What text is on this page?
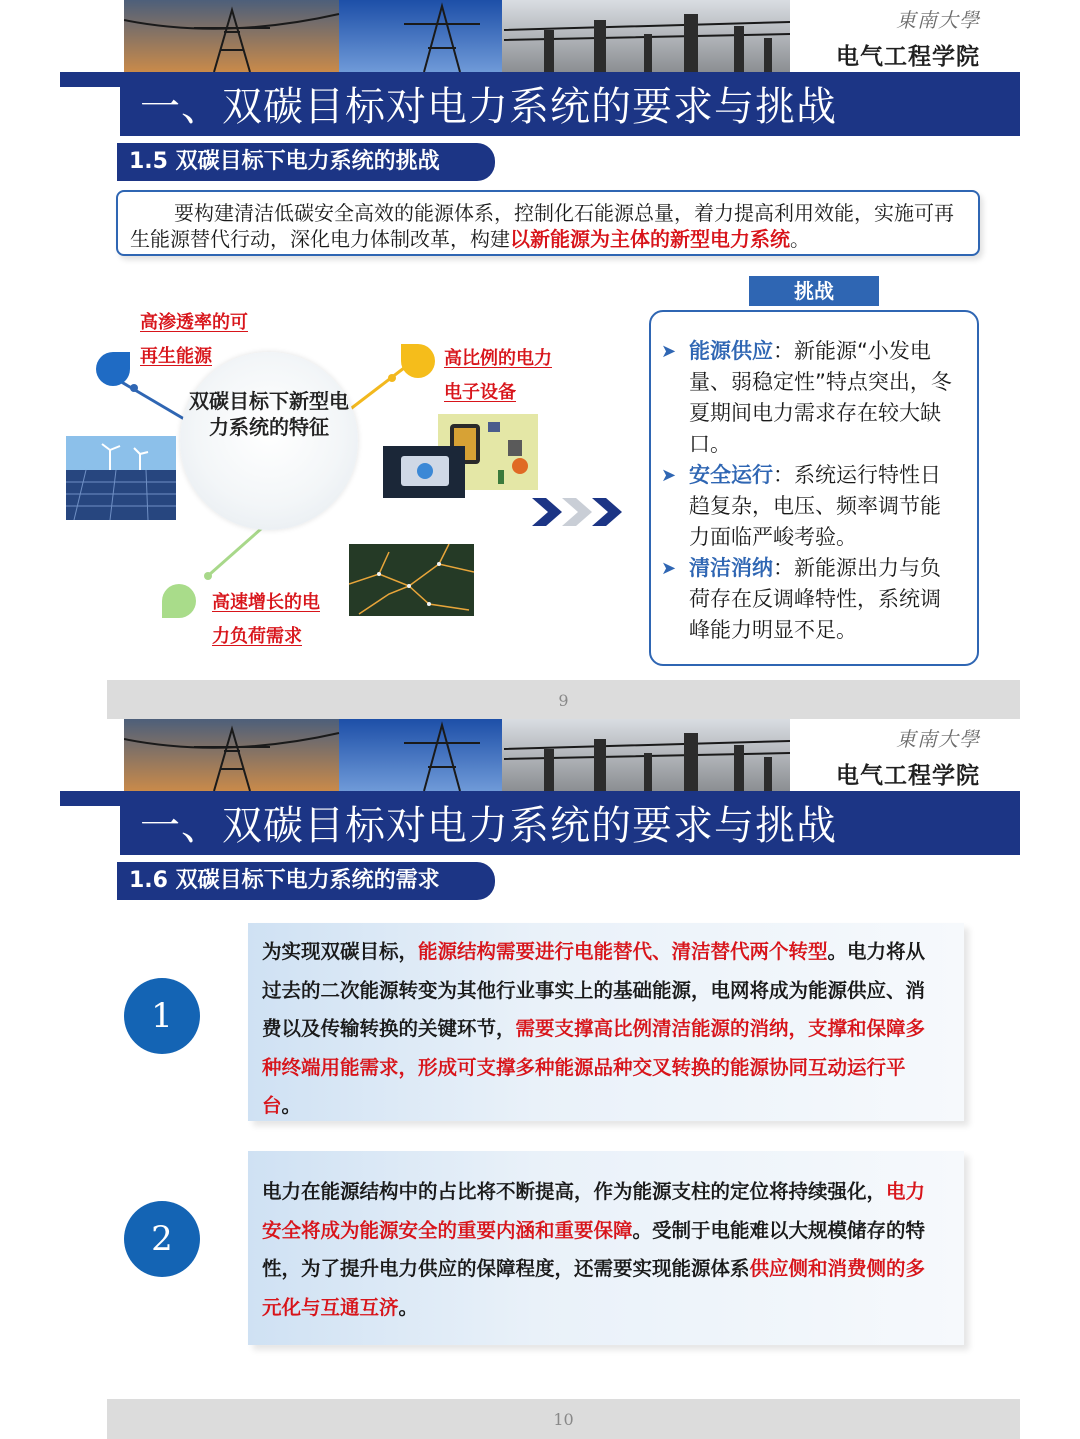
東南大學
电气工程学院
一、双碳目标对电力系统的要求与挑战
1.5 双碳目标下电力系统的挑战
要构建清洁低碳安全高效的能源体系，控制化石能源总量，着力提高利用效能，实施可再生能源替代行动，深化电力体制改革，构建以新能源为主体的新型电力系统。
双碳目标下新型电力系统的特征
高渗透率的可
再生能源	高比例的电力
电子设备
高速增长的电
力负荷需求
挑战
➤ 能源供应：新能源“小发电量、弱稳定性”特点突出，冬夏期间电力需求存在较大缺口。
➤ 安全运行：系统运行特性日趋复杂，电压、频率调节能力面临严峻考验。
➤ 清洁消纳：新能源出力与负荷存在反调峰特性，系统调峰能力明显不足。
9
東南大學
电气工程学院
一、双碳目标对电力系统的要求与挑战
1.6 双碳目标下电力系统的需求
1
为实现双碳目标，能源结构需要进行电能替代、清洁替代两个转型。电力将从过去的二次能源转变为其他行业事实上的基础能源，电网将成为能源供应、消费以及传输转换的关键环节，需要支撑高比例清洁能源的消纳，支撑和保障多种终端用能需求，形成可支撑多种能源品种交叉转换的能源协同互动运行平台。
2
电力在能源结构中的占比将不断提高，作为能源支柱的定位将持续强化，电力安全将成为能源安全的重要内涵和重要保障。受制于电能难以大规模储存的特性，为了提升电力供应的保障程度，还需要实现能源体系供应侧和消费侧的多元化与互通互济。
10
